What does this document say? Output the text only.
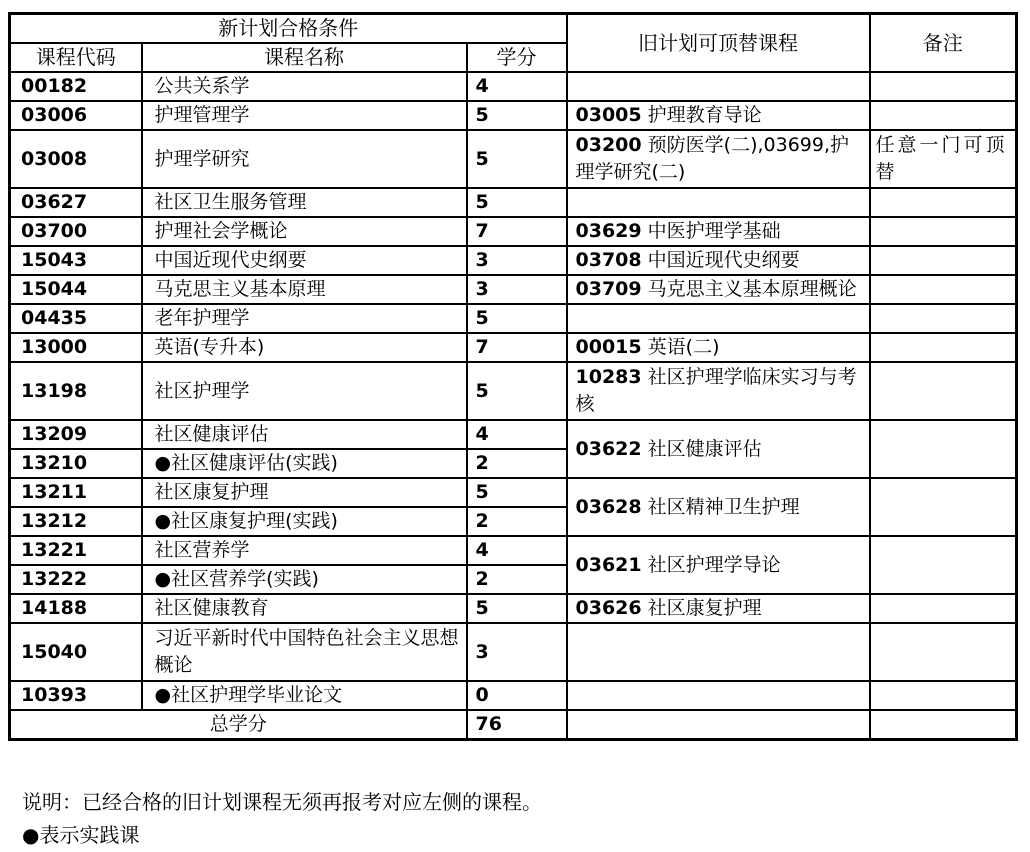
新计划合格条件			旧计划可顶替课程	备注
课程代码	课程名称	学分		
00182	公共关系学	4		
03006	护理管理学	5	03005 护理教育导论	
03008	护理学研究	5	03200 预防医学(二),03699,护理学研究(二)	任意一门可顶替
03627	社区卫生服务管理	5		
03700	护理社会学概论	7	03629 中医护理学基础	
15043	中国近现代史纲要	3	03708 中国近现代史纲要	
15044	马克思主义基本原理	3	03709 马克思主义基本原理概论	
04435	老年护理学	5		
13000	英语(专升本)	7	00015 英语(二)	
13198	社区护理学	5	10283 社区护理学临床实习与考核	
13209	社区健康评估	4	03622 社区健康评估	
13210	●社区健康评估(实践)	2		
13211	社区康复护理	5	03628 社区精神卫生护理	
13212	●社区康复护理(实践)	2		
13221	社区营养学	4	03621 社区护理学导论	
13222	●社区营养学(实践)	2		
14188	社区健康教育	5	03626 社区康复护理	
15040	习近平新时代中国特色社会主义思想概论	3		
10393	●社区护理学毕业论文	0		
总学分		76		
说明：已经合格的旧计划课程无须再报考对应左侧的课程。
●表示实践课
